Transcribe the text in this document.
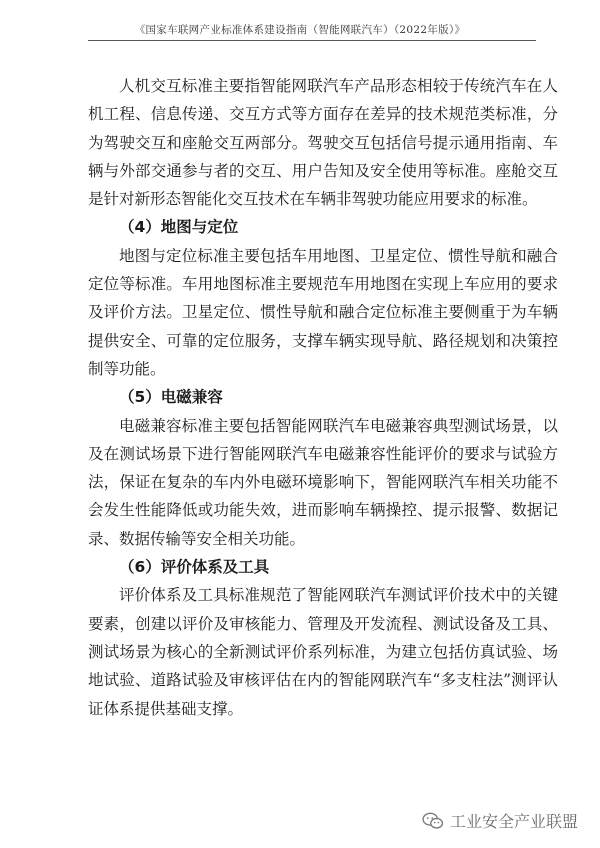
《国家车联网产业标准体系建设指南（智能网联汽车）（2022年版）》

人机交互标准主要指智能网联汽车产品形态相较于传统汽车在人机工程、信息传递、交互方式等方面存在差异的技术规范类标准，分为驾驶交互和座舱交互两部分。驾驶交互包括信号提示通用指南、车辆与外部交通参与者的交互、用户告知及安全使用等标准。座舱交互是针对新形态智能化交互技术在车辆非驾驶功能应用要求的标准。

（4）地图与定位

地图与定位标准主要包括车用地图、卫星定位、惯性导航和融合定位等标准。车用地图标准主要规范车用地图在实现上车应用的要求及评价方法。卫星定位、惯性导航和融合定位标准主要侧重于为车辆提供安全、可靠的定位服务，支撑车辆实现导航、路径规划和决策控制等功能。

（5）电磁兼容

电磁兼容标准主要包括智能网联汽车电磁兼容典型测试场景，以及在测试场景下进行智能网联汽车电磁兼容性能评价的要求与试验方法，保证在复杂的车内外电磁环境影响下，智能网联汽车相关功能不会发生性能降低或功能失效，进而影响车辆操控、提示报警、数据记录、数据传输等安全相关功能。

（6）评价体系及工具

评价体系及工具标准规范了智能网联汽车测试评价技术中的关键要素，创建以评价及审核能力、管理及开发流程、测试设备及工具、测试场景为核心的全新测试评价系列标准，为建立包括仿真试验、场地试验、道路试验及审核评估在内的智能网联汽车“多支柱法”测评认证体系提供基础支撑。

工业安全产业联盟
